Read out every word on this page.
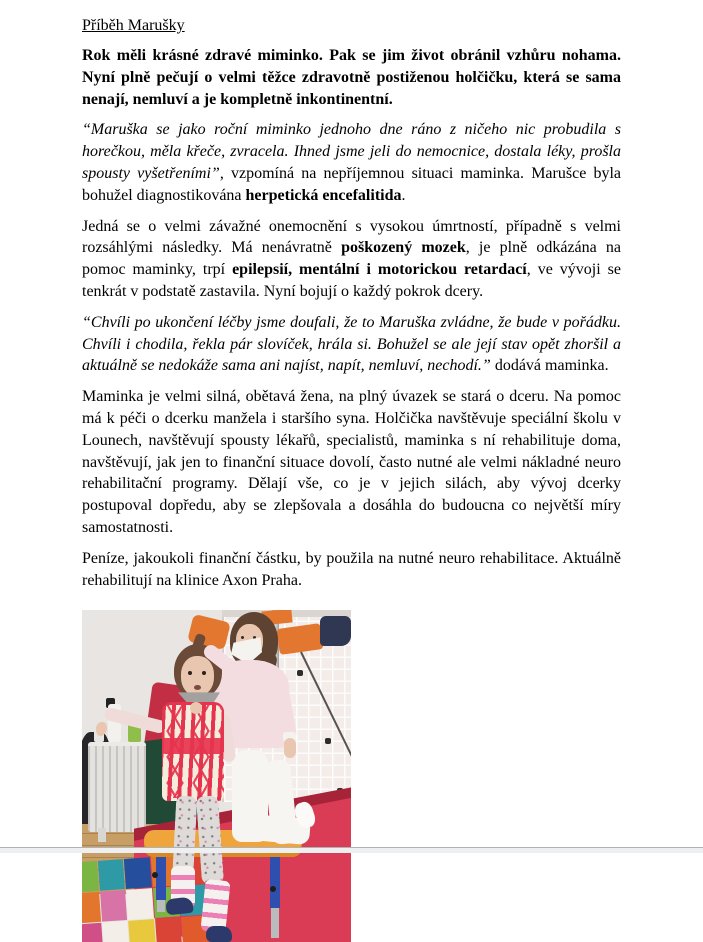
Příběh Marušky

Rok měli krásné zdravé miminko. Pak se jim život obránil vzhůru nohama. Nyní plně pečují o velmi těžce zdravotně postiženou holčičku, která se sama nenají, nemluví a je kompletně inkontinentní.

“Maruška se jako roční miminko jednoho dne ráno z ničeho nic probudila s horečkou, měla křeče, zvracela. Ihned jsme jeli do nemocnice, dostala léky, prošla spousty vyšetřeními”, vzpomíná na nepříjemnou situaci maminka. Marušce byla bohužel diagnostikována herpetická encefalitida.

Jedná se o velmi závažné onemocnění s vysokou úmrtností, případně s velmi rozsáhlými následky. Má nenávratně poškozený mozek, je plně odkázána na pomoc maminky, trpí epilepsií, mentální i motorickou retardací, ve vývoji se tenkrát v podstatě zastavila. Nyní bojují o každý pokrok dcery.

“Chvíli po ukončení léčby jsme doufali, že to Maruška zvládne, že bude v pořádku. Chvíli i chodila, řekla pár slovíček, hrála si. Bohužel se ale její stav opět zhoršil a aktuálně se nedokáže sama ani najíst, napít, nemluví, nechodí.” dodává maminka.

Maminka je velmi silná, obětavá žena, na plný úvazek se stará o dceru. Na pomoc má k péči o dcerku manžela i staršího syna. Holčička navštěvuje speciální školu v Lounech, navštěvují spousty lékařů, specialistů, maminka s ní rehabilituje doma, navštěvují, jak jen to finanční situace dovolí, často nutné ale velmi nákladné neuro rehabilitační programy. Dělají vše, co je v jejich silách, aby vývoj dcerky postupoval dopředu, aby se zlepšovala a dosáhla do budoucna co největší míry samostatnosti.

Peníze, jakoukoli finanční částku, by použila na nutné neuro rehabilitace. Aktuálně rehabilitují na klinice Axon Praha.
